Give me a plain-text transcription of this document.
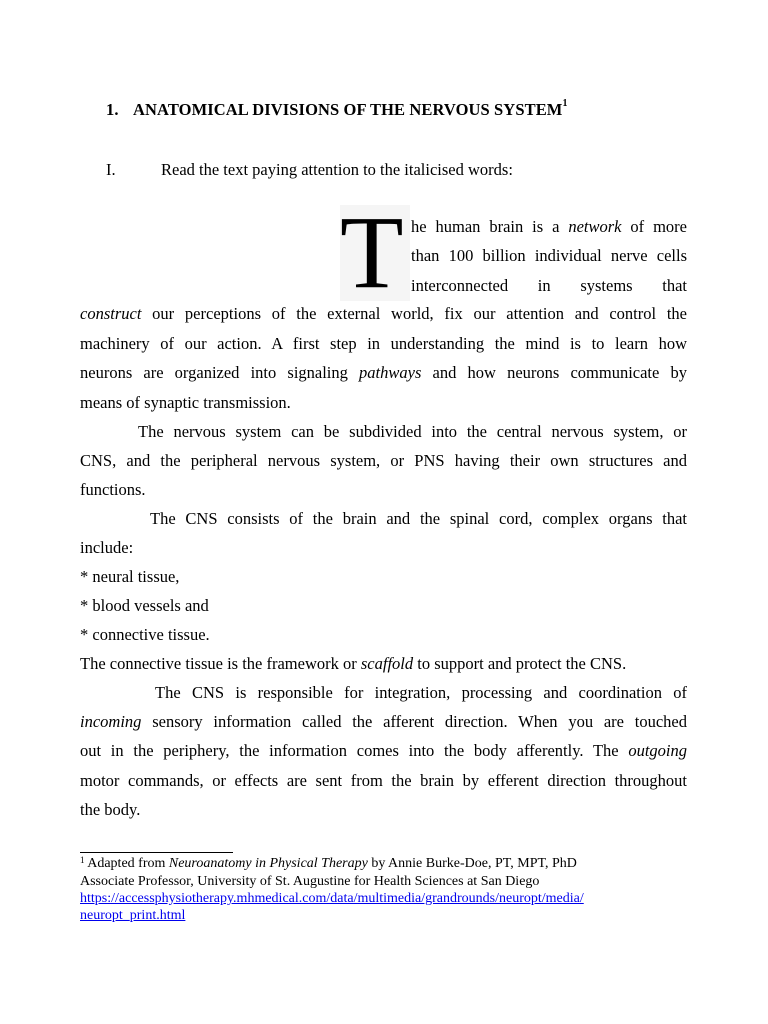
1. ANATOMICAL DIVISIONS OF THE NERVOUS SYSTEM$^1$
I.	Read the text paying attention to the italicised words:
T he human brain is a network of more
than 100 billion individual nerve cells
interconnected in systems that
construct our perceptions of the external world, fix our attention and control the
machinery of our action. A first step in understanding the mind is to learn how
neurons are organized into signaling pathways and how neurons communicate by
means of synaptic transmission.
The nervous system can be subdivided into the central nervous system, or
CNS, and the peripheral nervous system, or PNS having their own structures and
functions.
The CNS consists of the brain and the spinal cord, complex organs that
include:
* neural tissue,
* blood vessels and
* connective tissue.
The connective tissue is the framework or scaffold to support and protect the CNS.
The CNS is responsible for integration, processing and coordination of
incoming sensory information called the afferent direction. When you are touched
out in the periphery, the information comes into the body afferently. The outgoing
motor commands, or effects are sent from the brain by efferent direction throughout
the body.
$^1$ Adapted from Neuroanatomy in Physical Therapy by Annie Burke-Doe, PT, MPT, PhD
Associate Professor, University of St. Augustine for Health Sciences at San Diego
https://accessphysiotherapy.mhmedical.com/data/multimedia/grandrounds/neuropt/media/
neuropt_print.html
